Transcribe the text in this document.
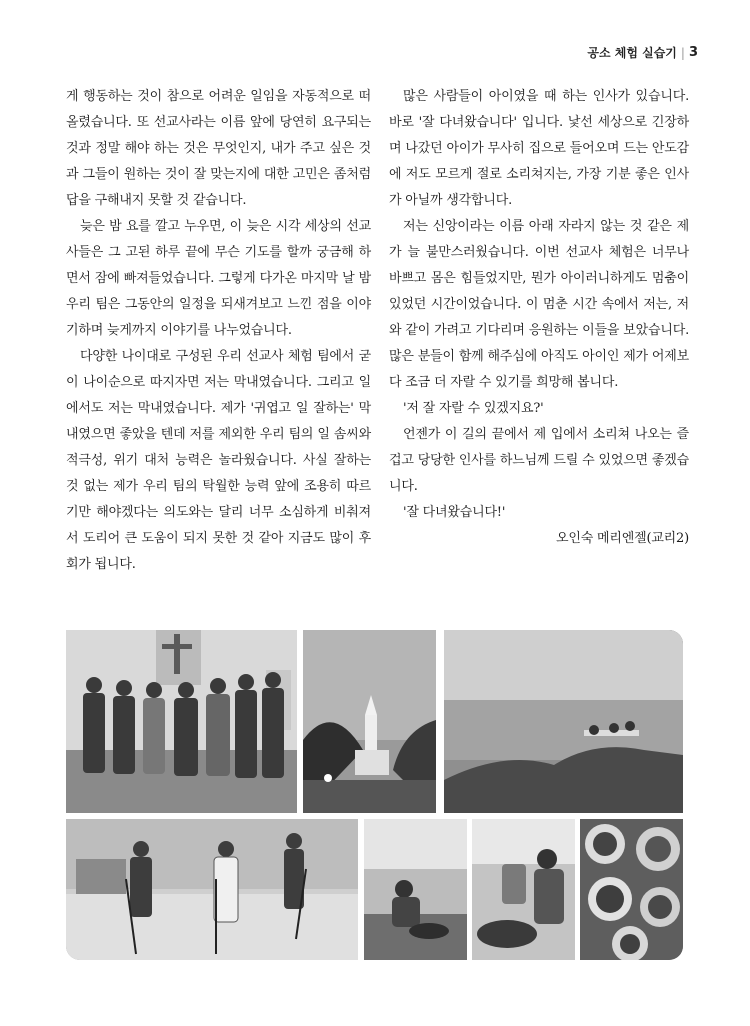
공소 체험 실습기 | 3

게 행동하는 것이 참으로 어려운 일임을 자동적으로 떠올렸습니다. 또 선교사라는 이름 앞에 당연히 요구되는 것과 정말 해야 하는 것은 무엇인지, 내가 주고 싶은 것과 그들이 원하는 것이 잘 맞는지에 대한 고민은 좀처럼 답을 구해내지 못할 것 같습니다.

늦은 밤 요를 깔고 누우면, 이 늦은 시각 세상의 선교사들은 그 고된 하루 끝에 무슨 기도를 할까 궁금해 하면서 잠에 빠져들었습니다. 그렇게 다가온 마지막 날 밤 우리 팀은 그동안의 일정을 되새겨보고 느낀 점을 이야기하며 늦게까지 이야기를 나누었습니다.

다양한 나이대로 구성된 우리 선교사 체험 팀에서 굳이 나이순으로 따지자면 저는 막내였습니다. 그리고 일에서도 저는 막내였습니다. 제가 '귀엽고 일 잘하는' 막내였으면 좋았을 텐데 저를 제외한 우리 팀의 일 솜씨와 적극성, 위기 대처 능력은 놀라웠습니다. 사실 잘하는 것 없는 제가 우리 팀의 탁월한 능력 앞에 조용히 따르기만 해야겠다는 의도와는 달리 너무 소심하게 비춰져서 도리어 큰 도움이 되지 못한 것 같아 지금도 많이 후회가 됩니다.

많은 사람들이 아이였을 때 하는 인사가 있습니다. 바로 '잘 다녀왔습니다' 입니다. 낯선 세상으로 긴장하며 나갔던 아이가 무사히 집으로 들어오며 드는 안도감에 저도 모르게 절로 소리쳐지는, 가장 기분 좋은 인사가 아닐까 생각합니다.

저는 신앙이라는 이름 아래 자라지 않는 것 같은 제가 늘 불만스러웠습니다. 이번 선교사 체험은 너무나 바쁘고 몸은 힘들었지만, 뭔가 아이러니하게도 멈춤이 있었던 시간이었습니다. 이 멈춘 시간 속에서 저는, 저와 같이 가려고 기다리며 응원하는 이들을 보았습니다. 많은 분들이 함께 해주심에 아직도 아이인 제가 어제보다 조금 더 자랄 수 있기를 희망해 봅니다.

'저 잘 자랄 수 있겠지요?'

언젠가 이 길의 끝에서 제 입에서 소리쳐 나오는 즐겁고 당당한 인사를 하느님께 드릴 수 있었으면 좋겠습니다.

'잘 다녀왔습니다!'

오인숙 메리엔젤(교리2)
